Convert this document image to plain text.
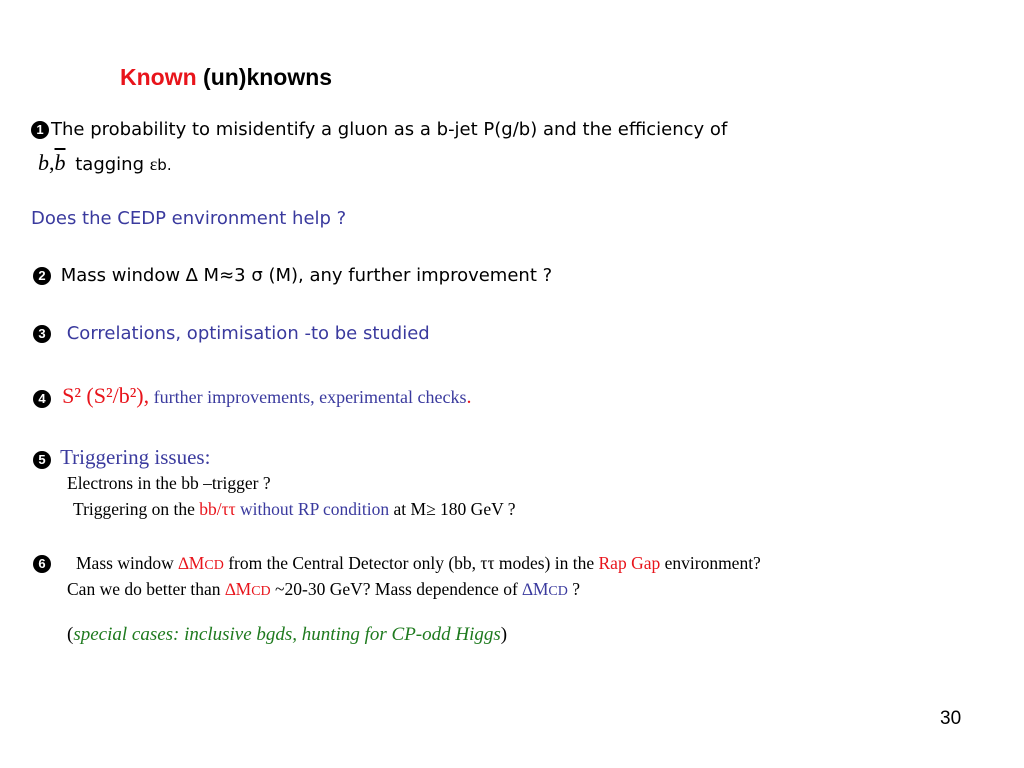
Known (un)knowns
1 The probability to misidentify a gluon as a b-jet P(g/b) and the efficiency of
$b,\overline{b}$ tagging εb.
Does the CEDP environment help ?
2 Mass window ∆ M≈3 σ (M), any further improvement ?
3 Correlations, optimisation -to be studied
4 S² (S²/b²), further improvements, experimental checks.
5 Triggering issues:
Electrons in the bb –trigger ?
Triggering on the bb/ττ without RP condition at M≥ 180 GeV ?
6	Mass window ∆MCD from the Central Detector only (bb, ττ modes) in the Rap Gap environment?
Can we do better than ∆MCD ~20-30 GeV? Mass dependence of ∆MCD ?
(special cases: inclusive bgds, hunting for CP-odd Higgs)
30
